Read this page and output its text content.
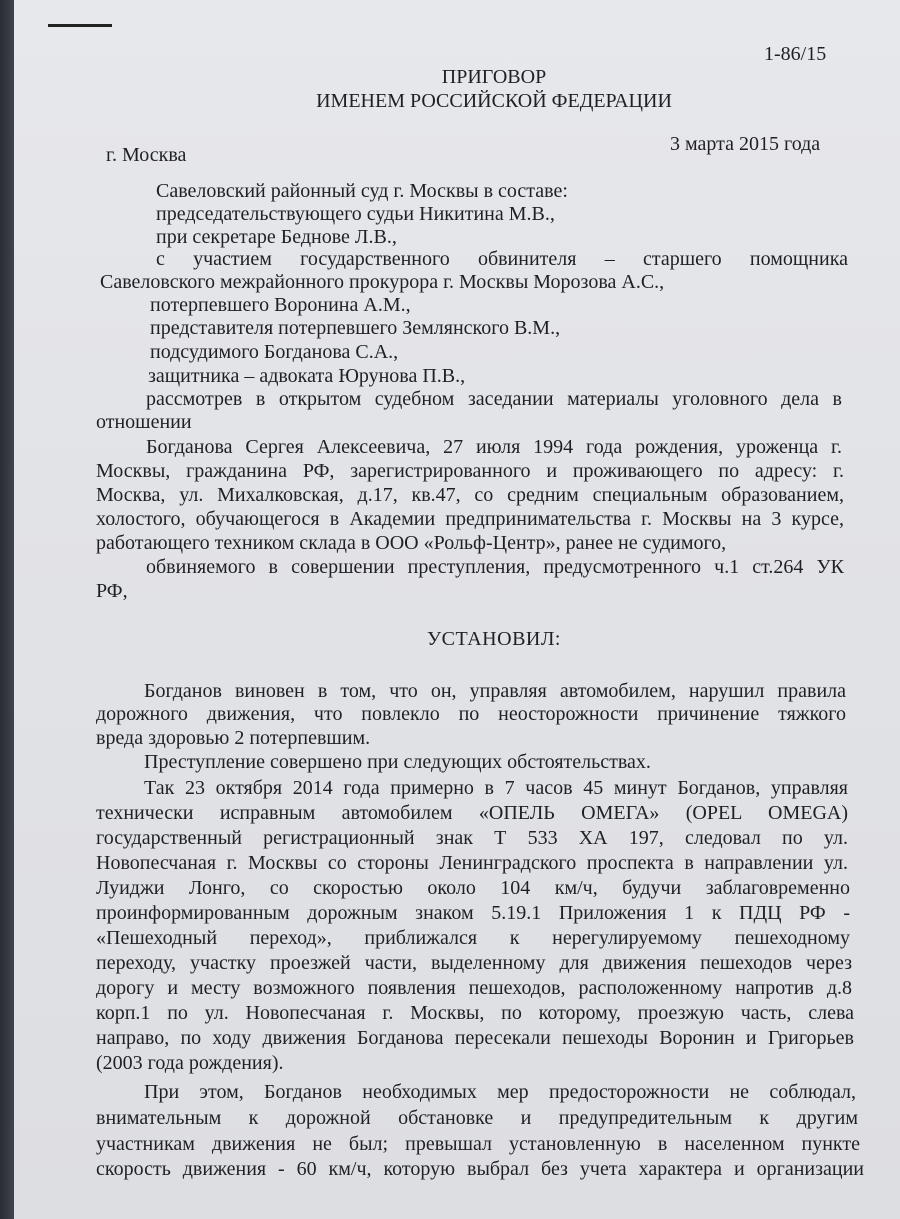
1-86/15
ПРИГОВОР
ИМЕНЕМ РОССИЙСКОЙ ФЕДЕРАЦИИ
3 марта 2015 года
г. Москва
Савеловский районный суд г. Москвы в составе:
председательствующего судьи Никитина М.В.,
при секретаре Беднове Л.В.,
с участием государственного обвинителя – старшего помощника
Савеловского межрайонного прокурора г. Москвы Морозова А.С.,
потерпевшего Воронина А.М.,
представителя потерпевшего Землянского В.М.,
подсудимого Богданова С.А.,
защитника – адвоката Юрунова П.В.,
рассмотрев в открытом судебном заседании материалы уголовного дела в
отношении
Богданова Сергея Алексеевича, 27 июля 1994 года рождения, уроженца г.
Москвы, гражданина РФ, зарегистрированного и проживающего по адресу: г.
Москва, ул. Михалковская, д.17, кв.47, со средним специальным образованием,
холостого, обучающегося в Академии предпринимательства г. Москвы на 3 курсе,
работающего техником склада в ООО «Рольф-Центр», ранее не судимого,
обвиняемого в совершении преступления, предусмотренного ч.1 ст.264 УК
РФ,
УСТАНОВИЛ:
Богданов виновен в том, что он, управляя автомобилем, нарушил правила
дорожного движения, что повлекло по неосторожности причинение тяжкого
вреда здоровью 2 потерпевшим.
Преступление совершено при следующих обстоятельствах.
Так 23 октября 2014 года примерно в 7 часов 45 минут Богданов, управляя
технически исправным автомобилем «ОПЕЛЬ ОМЕГА» (OPEL OMEGA)
государственный регистрационный знак Т 533 ХА 197, следовал по ул.
Новопесчаная г. Москвы со стороны Ленинградского проспекта в направлении ул.
Луиджи Лонго, со скоростью около 104 км/ч, будучи заблаговременно
проинформированным дорожным знаком 5.19.1 Приложения 1 к ПДЦ РФ -
«Пешеходный переход», приближался к нерегулируемому пешеходному
переходу, участку проезжей части, выделенному для движения пешеходов через
дорогу и месту возможного появления пешеходов, расположенному напротив д.8
корп.1 по ул. Новопесчаная г. Москвы, по которому, проезжую часть, слева
направо, по ходу движения Богданова пересекали пешеходы Воронин и Григорьев
(2003 года рождения).
При этом, Богданов необходимых мер предосторожности не соблюдал,
внимательным к дорожной обстановке и предупредительным к другим
участникам движения не был; превышал установленную в населенном пункте
скорость движения - 60 км/ч, которую выбрал без учета характера и организации
